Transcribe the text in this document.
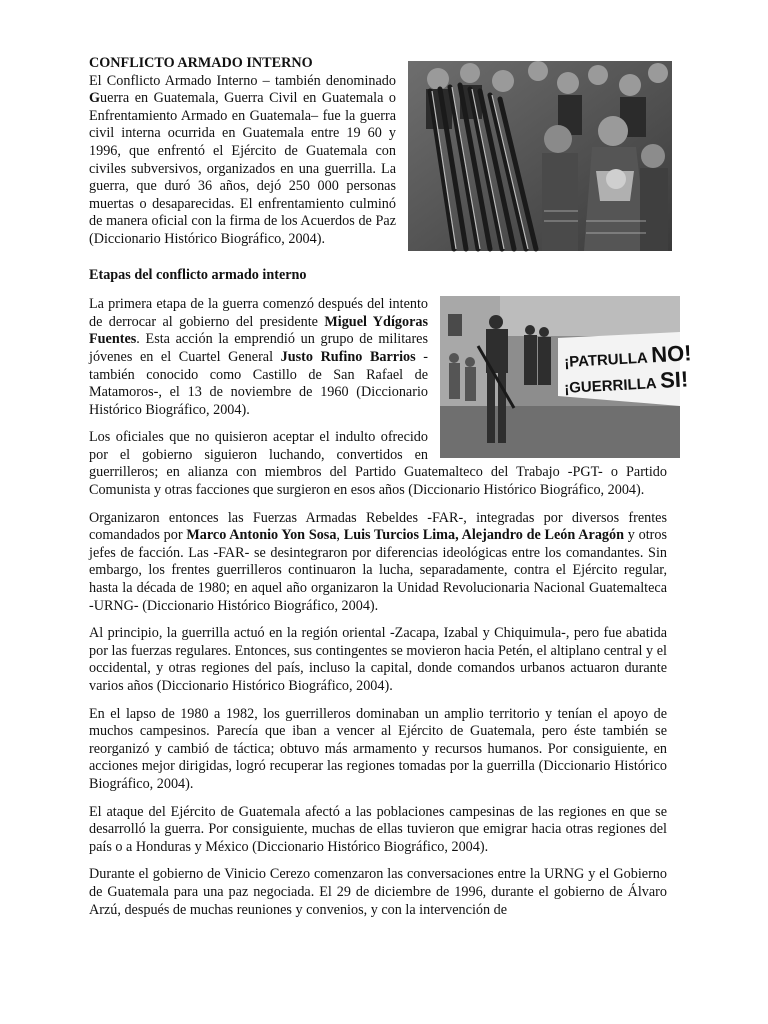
CONFLICTO ARMADO INTERNO

El Conflicto Armado Interno – también denominado Guerra en Guatemala, Guerra Civil en Guatemala o Enfrentamiento Armado en Guatemala– fue la guerra civil interna ocurrida en Guatemala entre 19 60 y 1996, que enfrentó el Ejército de Guatemala con civiles subversivos, organizados en una guerrilla. La guerra, que duró 36 años, dejó 250 000 personas muertas o desaparecidas. El enfrentamiento culminó de manera oficial con la firma de los Acuerdos de Paz (Diccionario Histórico Biográfico, 2004).

Etapas del conflicto armado interno

¡PATRULLA NO!
¡GUERRILLA SI!

La primera etapa de la guerra comenzó después del intento de derrocar al gobierno del presidente Miguel Ydígoras Fuentes. Esta acción la emprendió un grupo de militares jóvenes en el Cuartel General Justo Rufino Barrios -también conocido como Castillo de San Rafael de Matamoros-, el 13 de noviembre de 1960 (Diccionario Histórico Biográfico, 2004).

Los oficiales que no quisieron aceptar el indulto ofrecido por el gobierno siguieron luchando, convertidos en guerrilleros; en alianza con miembros del Partido Guatemalteco del Trabajo -PGT- o Partido Comunista y otras facciones que surgieron en esos años (Diccionario Histórico Biográfico, 2004).

Organizaron entonces las Fuerzas Armadas Rebeldes -FAR-, integradas por diversos frentes comandados por Marco Antonio Yon Sosa, Luis Turcios Lima, Alejandro de León Aragón y otros jefes de facción. Las -FAR- se desintegraron por diferencias ideológicas entre los comandantes. Sin embargo, los frentes guerrilleros continuaron la lucha, separadamente, contra el Ejército regular, hasta la década de 1980; en aquel año organizaron la Unidad Revolucionaria Nacional Guatemalteca -URNG- (Diccionario Histórico Biográfico, 2004).

Al principio, la guerrilla actuó en la región oriental -Zacapa, Izabal y Chiquimula-, pero fue abatida por las fuerzas regulares. Entonces, sus contingentes se movieron hacia Petén, el altiplano central y el occidental, y otras regiones del país, incluso la capital, donde comandos urbanos actuaron durante varios años (Diccionario Histórico Biográfico, 2004).

En el lapso de 1980 a 1982, los guerrilleros dominaban un amplio territorio y tenían el apoyo de muchos campesinos. Parecía que iban a vencer al Ejército de Guatemala, pero éste también se reorganizó y cambió de táctica; obtuvo más armamento y recursos humanos. Por consiguiente, en acciones mejor dirigidas, logró recuperar las regiones tomadas por la guerrilla (Diccionario Histórico Biográfico, 2004).

El ataque del Ejército de Guatemala afectó a las poblaciones campesinas de las regiones en que se desarrolló la guerra. Por consiguiente, muchas de ellas tuvieron que emigrar hacia otras regiones del país o a Honduras y México (Diccionario Histórico Biográfico, 2004).

Durante el gobierno de Vinicio Cerezo comenzaron las conversaciones entre la URNG y el Gobierno de Guatemala para una paz negociada. El 29 de diciembre de 1996, durante el gobierno de Álvaro Arzú, después de muchas reuniones y convenios, y con la intervención de
